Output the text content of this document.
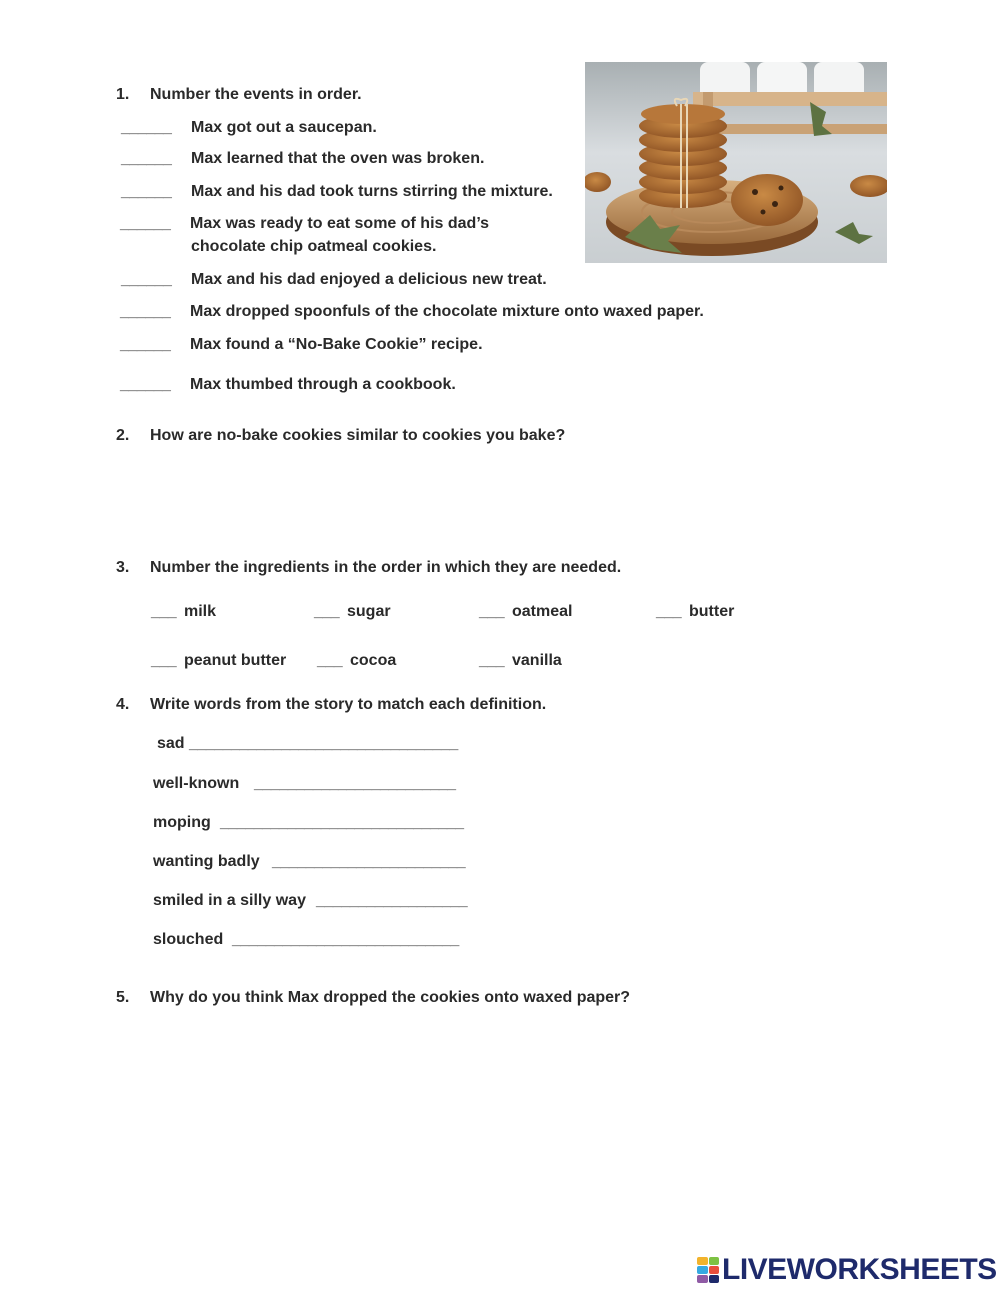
1. Number the events in order.
______ Max got out a saucepan.
______ Max learned that the oven was broken.
______ Max and his dad took turns stirring the mixture.
______ Max was ready to eat some of his dad’s
chocolate chip oatmeal cookies.
______ Max and his dad enjoyed a delicious new treat.
______ Max dropped spoonfuls of the chocolate mixture onto waxed paper.
______ Max found a “No-Bake Cookie” recipe.
______ Max thumbed through a cookbook.
2. How are no-bake cookies similar to cookies you bake?
3. Number the ingredients in the order in which they are needed.
___ milk	___ sugar	___ oatmeal	___ butter
___ peanut butter ___ cocoa	___ vanilla
4. Write words from the story to match each definition.
sad ________________________________
well-known ________________________
moping _____________________________
wanting badly _______________________
smiled in a silly way __________________
slouched ___________________________
5. Why do you think Max dropped the cookies onto waxed paper?
LIVEWORKSHEETS
